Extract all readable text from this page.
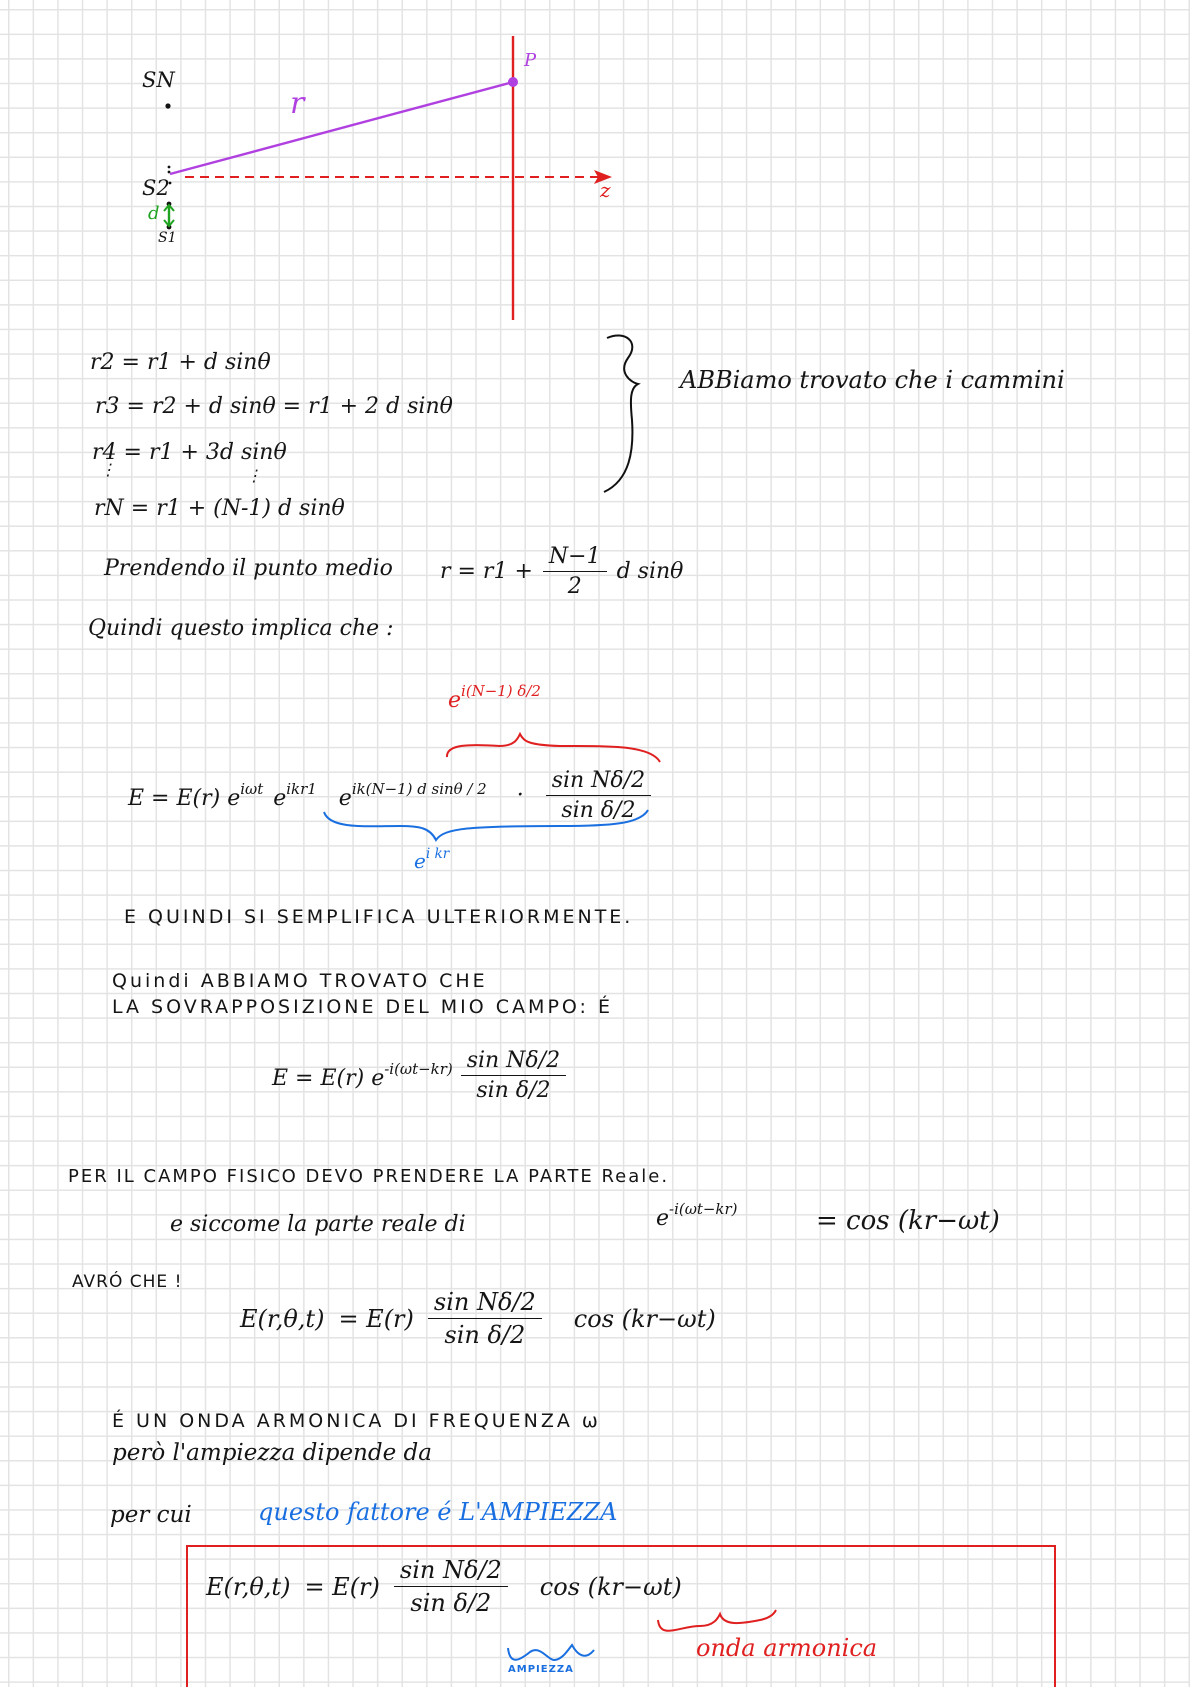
SN
S2
S1
d
r
P
z
r2 = r1 + d sinθ
r3 = r2 + d sinθ = r1 + 2 d sinθ
r4 = r1 + 3d sinθ
⋮	⋮
rN = r1 + (N-1) d sinθ
ABBiamo trovato che i cammini
Prendendo il punto medio $r = r1 + \frac{N-1}{2}$ d sinθ
Quindi questo implica che :
$e^{i(N-1) \delta/2}$
E = E(r) $e^{i\omega t}$ $e^{ikr1}$ $e^{ik(N-1) d sin\theta / 2} \cdot \frac{\text{sin Nδ/2}}{\text{sin δ/2}}$
$e^{i kr}$
E QUINDI SI SEMPLIFICA ULTERIORMENTE.
Quindi ABBIAMO TROVATO CHE
LA SOVRAPPOSIZIONE DEL MIO CAMPO: É
E = E(r) $e^{-i(\omega t-kr)} \frac{\text{sin Nδ/2}}{\text{sin δ/2}}$
PER IL CAMPO FISICO DEVO PRENDERE LA PARTE Reale.
e siccome la parte reale di	$e^{-i(\omega t-kr)}$	= cos (kr−ωt)
AVRÓ CHE !
$E(r,\theta,t) = E(r) \frac{\text{sin Nδ/2}}{\text{sin δ/2}}$ cos (kr−ωt)
É UN ONDA ARMONICA DI FREQUENZA ω
però l'ampiezza dipende da
per cui	questo fattore é L'AMPIEZZA
$E(r,\theta,t) = E(r) \frac{\text{sin Nδ/2}}{\text{sin δ/2}}$ cos (kr−ωt)
AMPIEZZA
onda armonica
